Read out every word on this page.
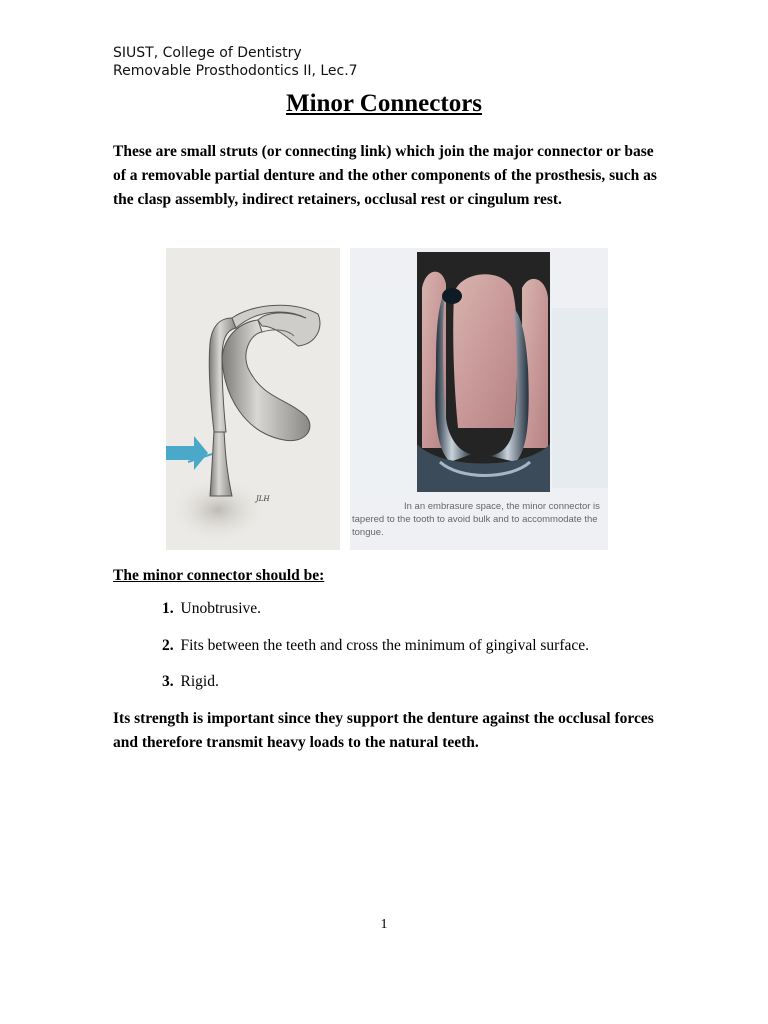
SIUST, College of Dentistry
Removable Prosthodontics II, Lec.7
Minor Connectors
These are small struts (or connecting link) which join the major connector or base of a removable partial denture and the other components of the prosthesis, such as the clasp assembly, indirect retainers, occlusal rest or cingulum rest.
JLH
In an embrasure space, the minor connector is
tapered to the tooth to avoid bulk and to accommodate the
tongue.
The minor connector should be:
1. Unobtrusive.
2. Fits between the teeth and cross the minimum of gingival surface.
3. Rigid.
Its strength is important since they support the denture against the occlusal forces and therefore transmit heavy loads to the natural teeth.
1
